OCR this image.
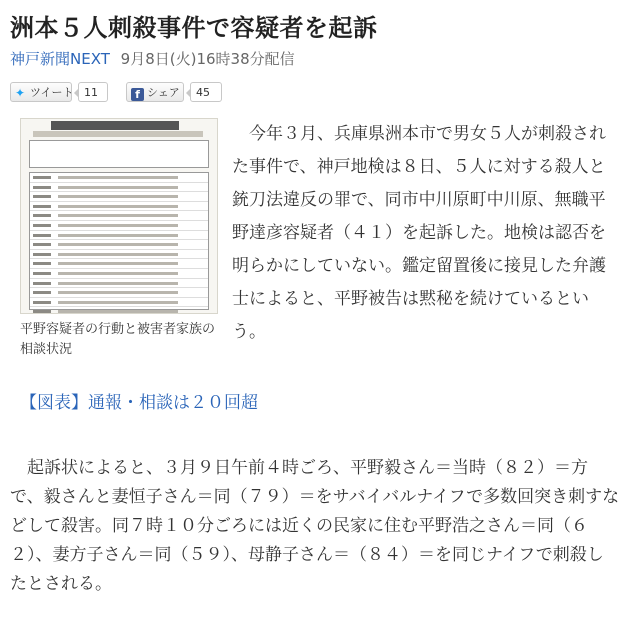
洲本５人刺殺事件で容疑者を起訴
神戸新聞NEXT 9月8日(火)16時38分配信
✦ ツイート 11	f シェア	45
平野容疑者の行動と被害者家族の相談状況

　今年３月、兵庫県洲本市で男女５人が刺殺された事件で、神戸地検は８日、５人に対する殺人と銃刀法違反の罪で、同市中川原町中川原、無職平野達彦容疑者（４１）を起訴した。地検は認否を明らかにしていない。鑑定留置後に接見した弁護士によると、平野被告は黙秘を続けているという。

【図表】通報・相談は２０回超

　起訴状によると、３月９日午前４時ごろ、平野毅さん＝当時（８２）＝方で、毅さんと妻恒子さん＝同（７９）＝をサバイバルナイフで多数回突き刺すなどして殺害。同７時１０分ごろには近くの民家に住む平野浩之さん＝同（６２）、妻方子さん＝同（５９）、母静子さん＝（８４）＝を同じナイフで刺殺したとされる。
